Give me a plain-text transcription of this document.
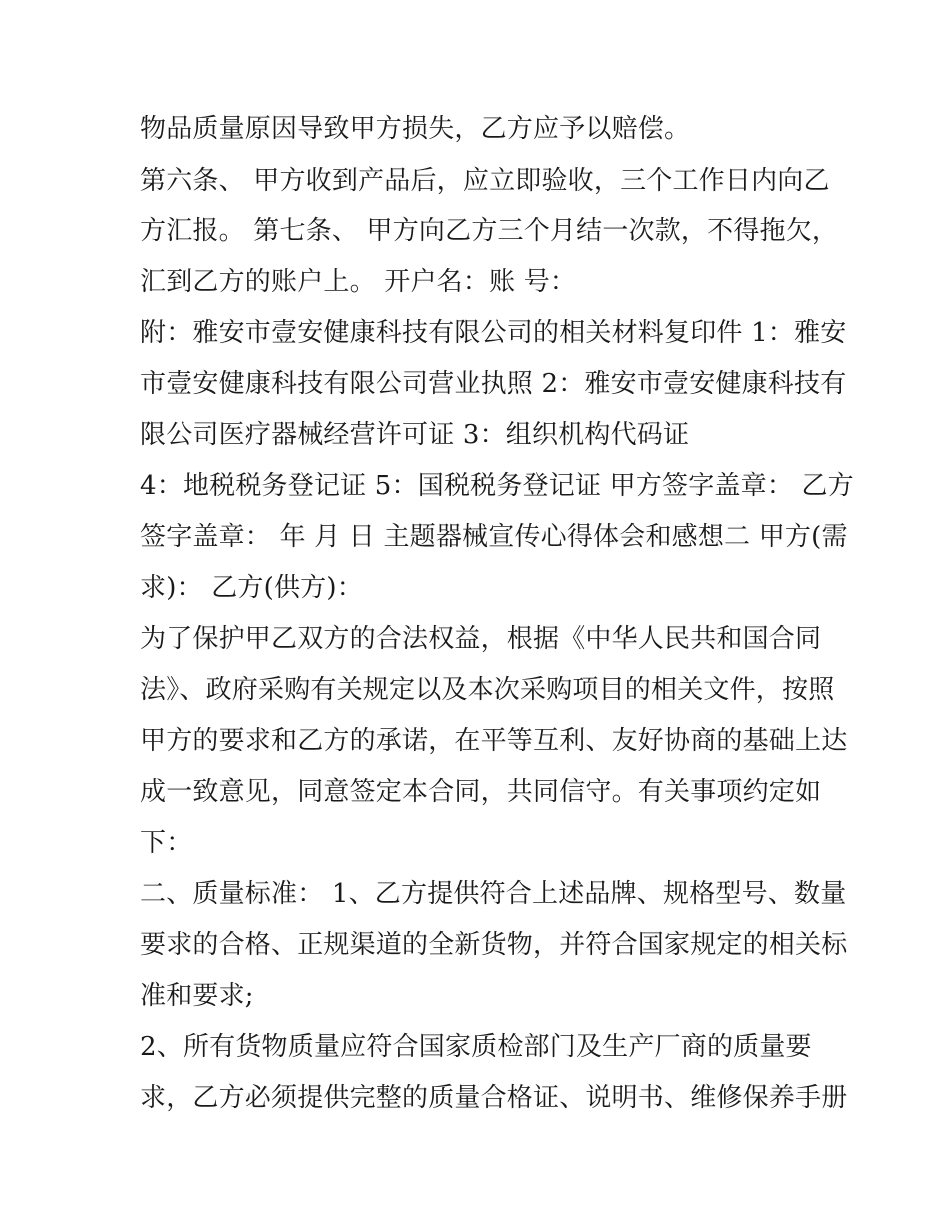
物品质量原因导致甲方损失，乙方应予以赔偿。
第六条、 甲方收到产品后，应立即验收，三个工作日内向乙
方汇报。 第七条、 甲方向乙方三个月结一次款，不得拖欠，
汇到乙方的账户上。 开户名：账 号：
附：雅安市壹安健康科技有限公司的相关材料复印件 1：雅安
市壹安健康科技有限公司营业执照 2：雅安市壹安健康科技有
限公司医疗器械经营许可证 3：组织机构代码证
4：地税税务登记证 5：国税税务登记证 甲方签字盖章： 乙方
签字盖章： 年 月 日 主题器械宣传心得体会和感想二 甲方(需
求)： 乙方(供方)：
为了保护甲乙双方的合法权益，根据《中华人民共和国合同
法》、政府采购有关规定以及本次采购项目的相关文件，按照
甲方的要求和乙方的承诺，在平等互利、友好协商的基础上达
成一致意见，同意签定本合同，共同信守。有关事项约定如
下：
二、质量标准： 1、乙方提供符合上述品牌、规格型号、数量
要求的合格、正规渠道的全新货物，并符合国家规定的相关标
准和要求;
2、所有货物质量应符合国家质检部门及生产厂商的质量要
求，乙方必须提供完整的质量合格证、说明书、维修保养手册
